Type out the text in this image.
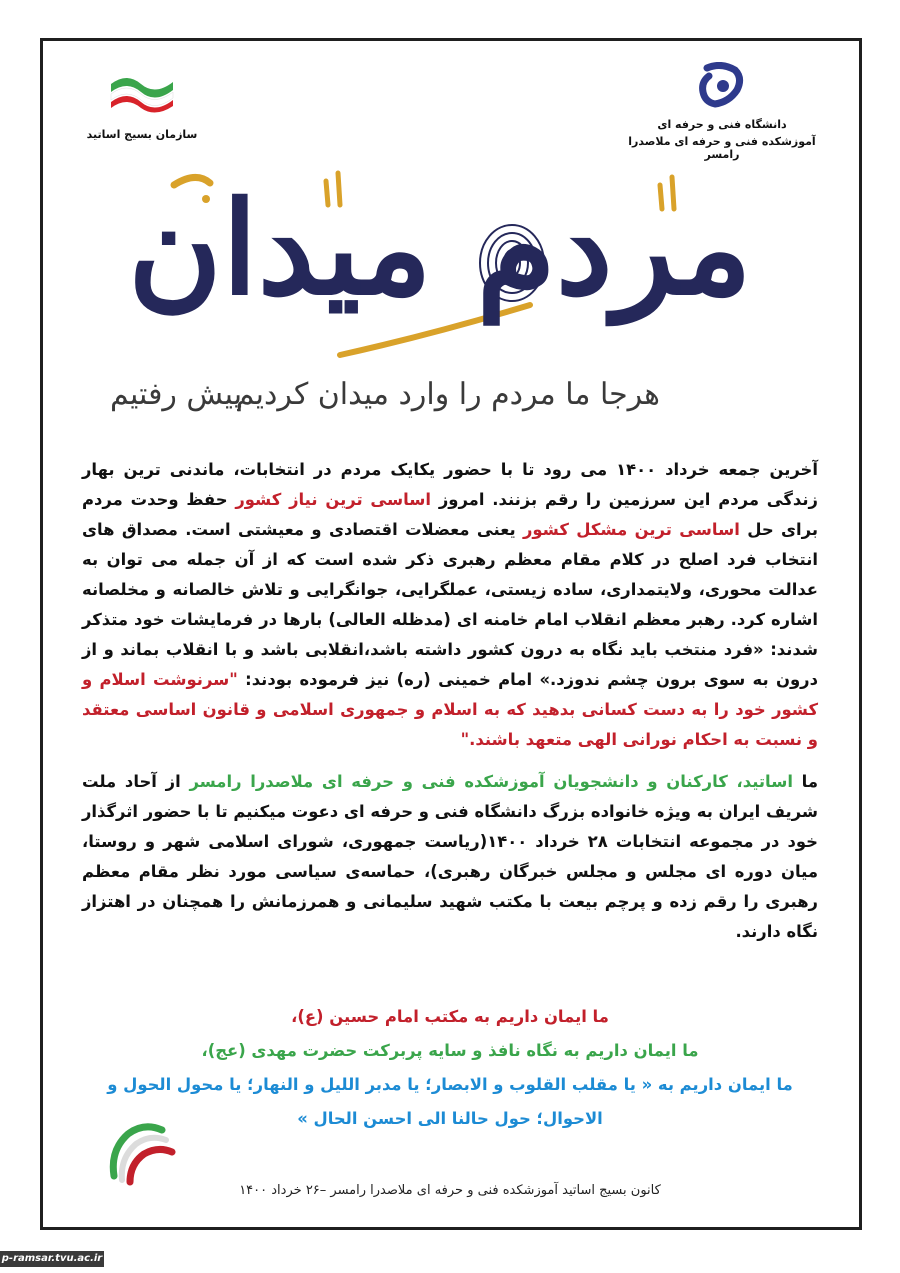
سازمان بسیج اساتید
دانشگاه فنی و حرفه ای
آموزشکده فنی و حرفه ای ملاصدرا رامسر
مردم میدان
هرجا ما مردم را وارد میدان کردیم
پیش رفتیم

آخرین جمعه خرداد ۱۴۰۰ می رود تا با حضور یکایک مردم در انتخابات، ماندنی ترین بهار زندگی مردم این سرزمین را رقم بزنند. امروز اساسی ترین نیاز کشور حفظ وحدت مردم برای حل اساسی ترین مشکل کشور یعنی معضلات اقتصادی و معیشتی است. مصداق های انتخاب فرد اصلح در کلام مقام معظم رهبری ذکر شده است که از آن جمله می توان به عدالت محوری، ولایتمداری، ساده زیستی، عملگرایی، جوانگرایی و تلاش خالصانه و مخلصانه اشاره کرد. رهبر معظم انقلاب امام خامنه ای (مدظله العالی) بارها در فرمایشات خود متذکر شدند: «فرد منتخب باید نگاه به درون کشور داشته باشد،انقلابی باشد و با انقلاب بماند و از درون به سوی برون چشم ندوزد.» امام خمینی (ره) نیز فرموده بودند: "سرنوشت اسلام و کشور خود را به دست کسانی بدهید که به اسلام و جمهوری اسلامی و قانون اساسی معتقد و نسبت به احکام نورانی الهی متعهد باشند."

ما اساتید، کارکنان و دانشجویان آموزشکده فنی و حرفه ای ملاصدرا رامسر از آحاد ملت شریف ایران به ویژه خانواده بزرگ دانشگاه فنی و حرفه ای دعوت میکنیم تا با حضور اثرگذار خود در مجموعه انتخابات ۲۸ خرداد ۱۴۰۰(ریاست جمهوری، شورای اسلامی شهر و روستا، میان دوره ای مجلس و مجلس خبرگان رهبری)، حماسه‌ی سیاسی مورد نظر مقام معظم رهبری را رقم زده و پرچم بیعت با مکتب شهید سلیمانی و همرزمانش را همچنان در اهتزاز نگاه دارند.

ما ایمان داریم به مکتب امام حسین (ع)،
ما ایمان داریم به نگاه نافذ و سایه پربرکت حضرت مهدی (عج)،
ما ایمان داریم به « یا مقلب القلوب و الابصار؛ یا مدبر اللیل و النهار؛ یا محول الحول و
الاحوال؛ حول حالنا الی احسن الحال »
کانون بسیج اساتید آموزشکده فنی و حرفه ای ملاصدرا رامسر –۲۶ خرداد ۱۴۰۰
p-ramsar.tvu.ac.ir
